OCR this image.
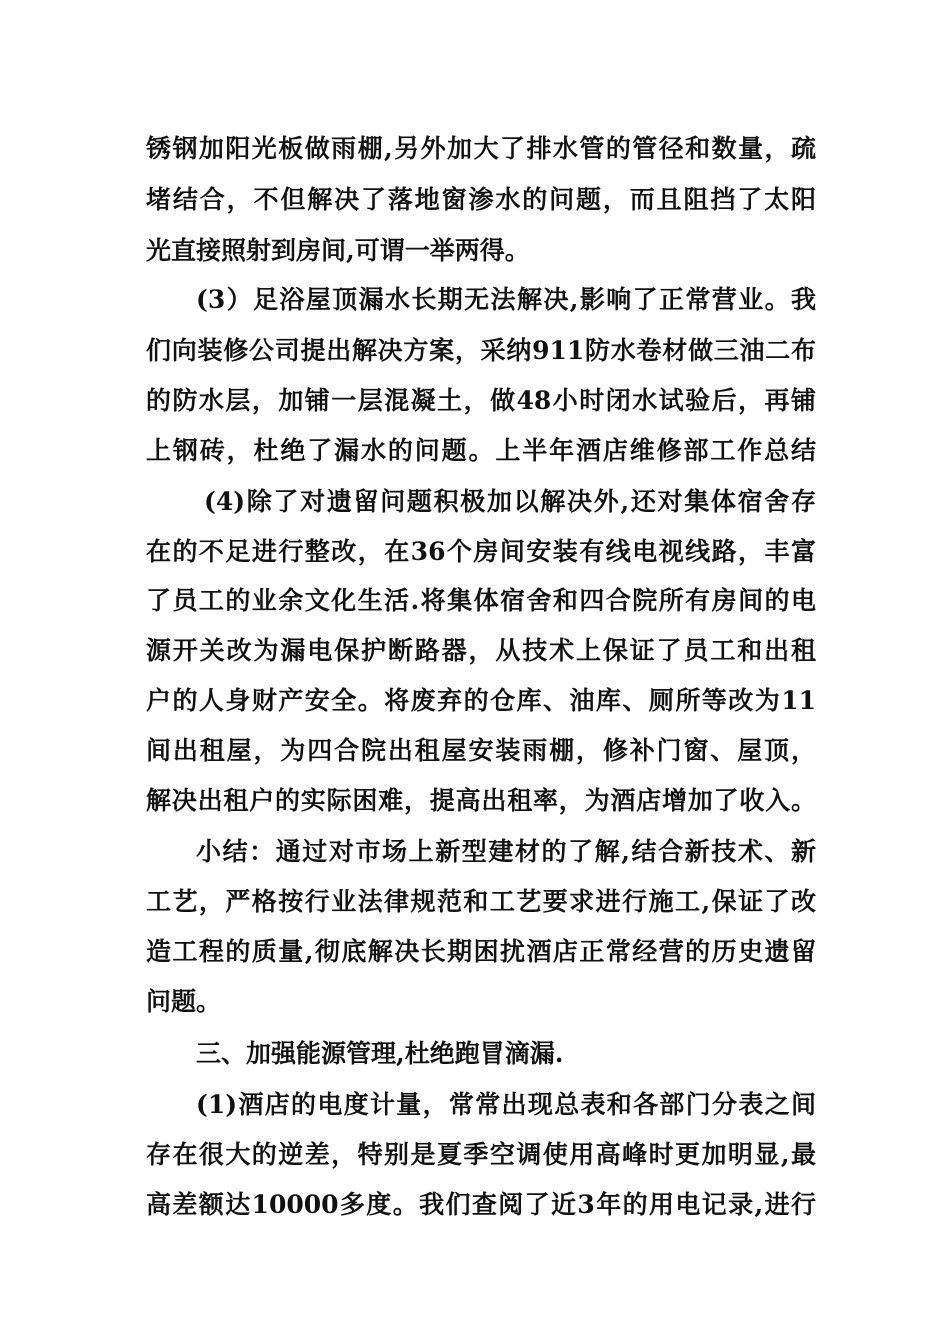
锈钢加阳光板做雨棚,另外加大了排水管的管径和数量，疏
堵结合，不但解决了落地窗渗水的问题，而且阻挡了太阳
光直接照射到房间,可谓一举两得。
(3）足浴屋顶漏水长期无法解决,影响了正常营业。我
们向装修公司提出解决方案，采纳911防水卷材做三油二布
的防水层，加铺一层混凝土，做48小时闭水试验后，再铺
上钢砖，杜绝了漏水的问题。上半年酒店维修部工作总结
(4)除了对遗留问题积极加以解决外,还对集体宿舍存
在的不足进行整改，在36个房间安装有线电视线路，丰富
了员工的业余文化生活.将集体宿舍和四合院所有房间的电
源开关改为漏电保护断路器，从技术上保证了员工和出租
户的人身财产安全。将废弃的仓库、油库、厕所等改为11
间出租屋，为四合院出租屋安装雨棚，修补门窗、屋顶，
解决出租户的实际困难，提高出租率，为酒店增加了收入。
小结：通过对市场上新型建材的了解,结合新技术、新
工艺，严格按行业法律规范和工艺要求进行施工,保证了改
造工程的质量,彻底解决长期困扰酒店正常经营的历史遗留
问题。
三、加强能源管理,杜绝跑冒滴漏.
(1)酒店的电度计量，常常出现总表和各部门分表之间
存在很大的逆差，特别是夏季空调使用高峰时更加明显,最
高差额达10000多度。我们查阅了近3年的用电记录,进行
